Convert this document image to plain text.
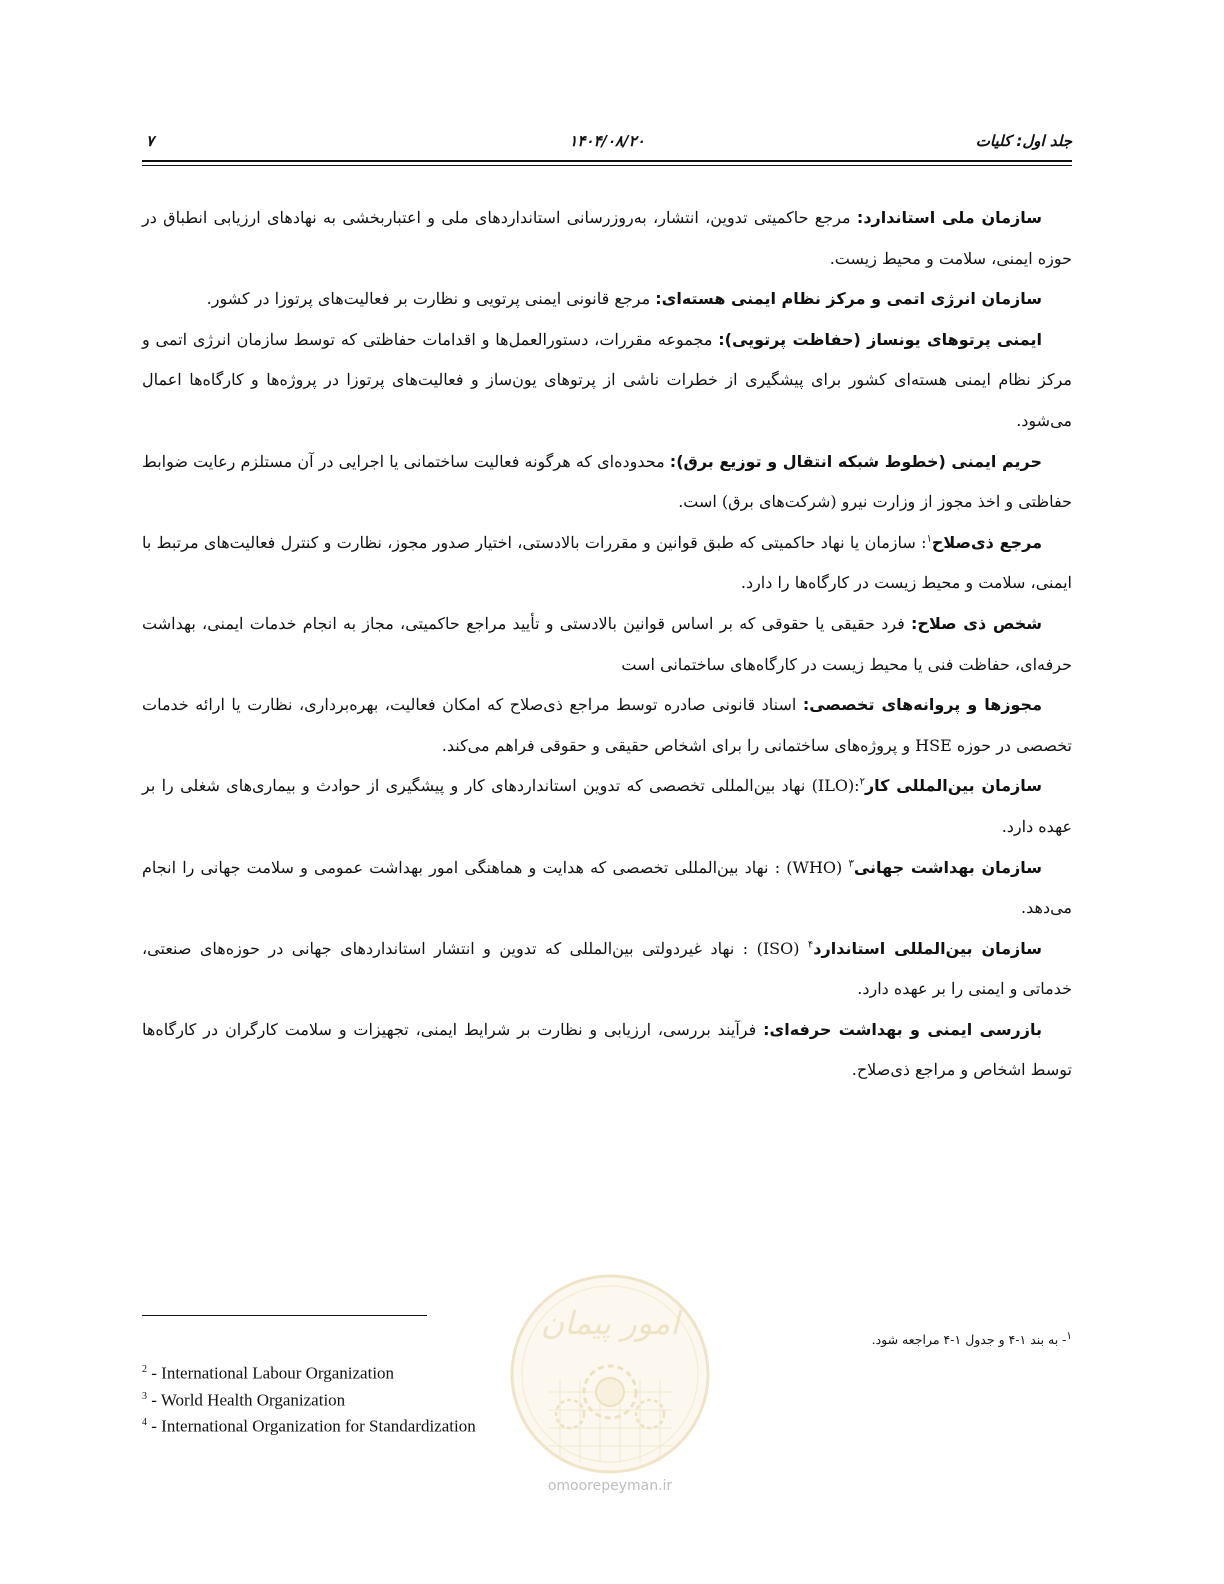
جلد اول: کلیات
۱۴۰۴/۰۸/۲۰
۷

سازمان ملی استاندارد: مرجع حاکمیتی تدوین، انتشار، به‌روزرسانی استانداردهای ملی و اعتباربخشی به نهادهای ارزیابی انطباق در حوزه ایمنی، سلامت و محیط زیست.

سازمان انرژی اتمی و مرکز نظام ایمنی هسته‌ای: مرجع قانونی ایمنی پرتویی و نظارت بر فعالیت‌های پرتوزا در کشور.

ایمنی پرتوهای یونساز (حفاظت پرتویی): مجموعه مقررات، دستورالعمل‌ها و اقدامات حفاظتی که توسط سازمان انرژی اتمی و مرکز نظام ایمنی هسته‌ای کشور برای پیشگیری از خطرات ناشی از پرتوهای یون‌ساز و فعالیت‌های پرتوزا در پروژه‌ها و کارگاه‌ها اعمال می‌شود.

حریم ایمنی (خطوط شبکه انتقال و توزیع برق): محدوده‌ای که هرگونه فعالیت ساختمانی یا اجرایی در آن مستلزم رعایت ضوابط حفاظتی و اخذ مجوز از وزارت نیرو (شرکت‌های برق) است.

مرجع ذی‌صلاح$^۱$: سازمان یا نهاد حاکمیتی که طبق قوانین و مقررات بالادستی، اختیار صدور مجوز، نظارت و کنترل فعالیت‌های مرتبط با ایمنی، سلامت و محیط زیست در کارگاه‌ها را دارد.

شخص ذی صلاح: فرد حقیقی یا حقوقی که بر اساس قوانین بالادستی و تأیید مراجع حاکمیتی، مجاز به انجام خدمات ایمنی، بهداشت حرفه‌ای، حفاظت فنی یا محیط زیست در کارگاه‌های ساختمانی است

مجوزها و پروانه‌های تخصصی: اسناد قانونی صادره توسط مراجع ذی‌صلاح که امکان فعالیت، بهره‌برداری، نظارت یا ارائه خدمات تخصصی در حوزه HSE و پروژه‌های ساختمانی را برای اشخاص حقیقی و حقوقی فراهم می‌کند.

سازمان بین‌المللی کار$^۲$:(ILO) نهاد بین‌المللی تخصصی که تدوین استانداردهای کار و پیشگیری از حوادث و بیماری‌های شغلی را بر عهده دارد.

سازمان بهداشت جهانی$^۳$ (WHO) : نهاد بین‌المللی تخصصی که هدایت و هماهنگی امور بهداشت عمومی و سلامت جهانی را انجام می‌دهد.

سازمان بین‌المللی استاندارد$^۴$ (ISO) : نهاد غیردولتی بین‌المللی که تدوین و انتشار استانداردهای جهانی در حوزه‌های صنعتی، خدماتی و ایمنی را بر عهده دارد.

بازرسی ایمنی و بهداشت حرفه‌ای: فرآیند بررسی، ارزیابی و نظارت بر شرایط ایمنی، تجهیزات و سلامت کارگران در کارگاه‌ها توسط اشخاص و مراجع ذی‌صلاح.

$^۱$- به بند ۱-۴ و جدول ۱-۴ مراجعه شود.
$^2$ - International Labour Organization
$^3$ - World Health Organization
$^4$ - International Organization for Standardization
امور پیمان
omoorepeyman.ir
